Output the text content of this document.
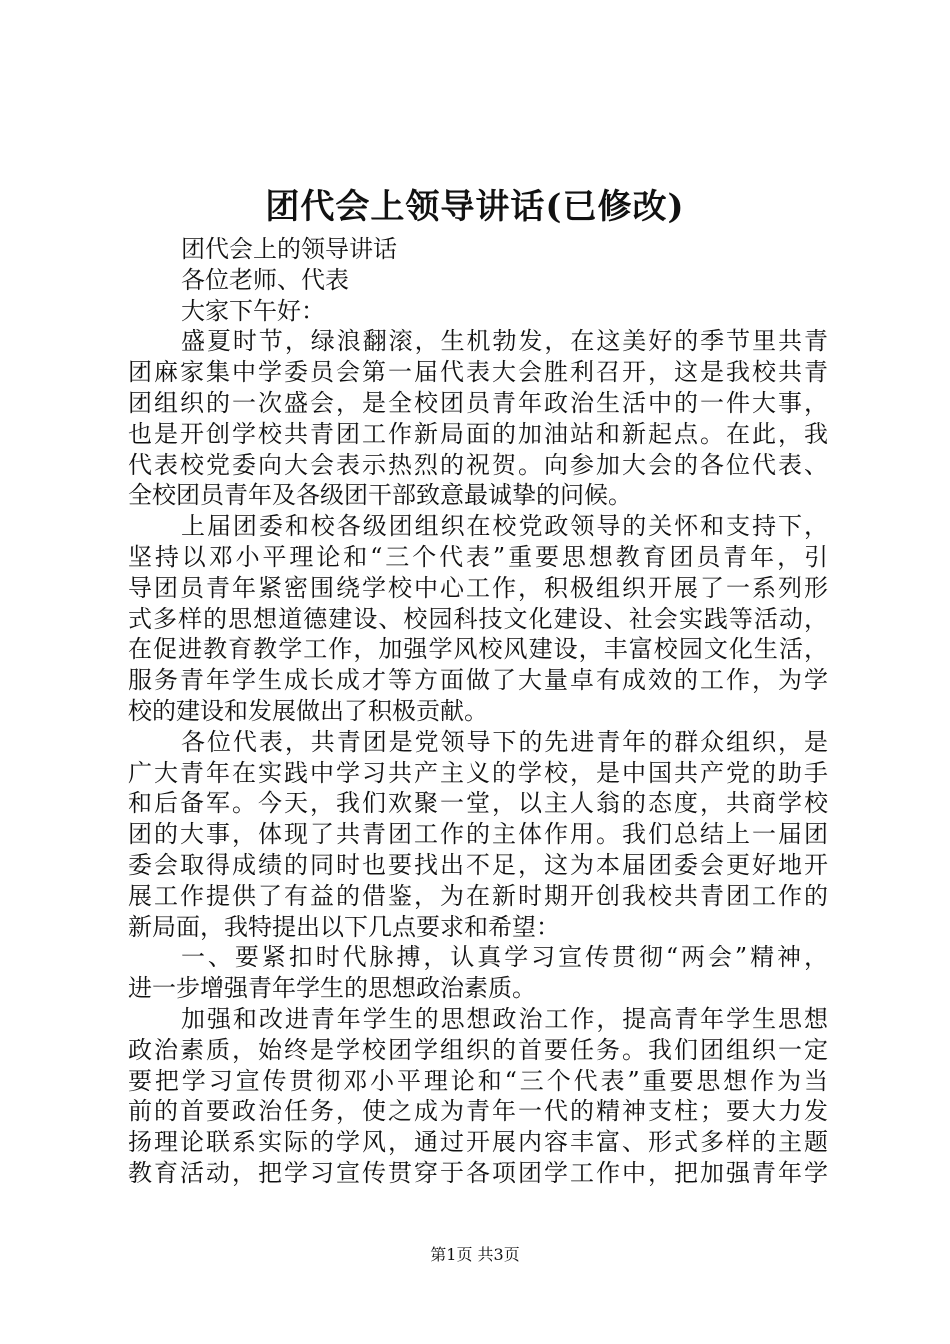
团代会上领导讲话(已修改)
团代会上的领导讲话
各位老师、代表
大家下午好：
盛夏时节，绿浪翻滚，生机勃发，在这美好的季节里共青
团麻家集中学委员会第一届代表大会胜利召开，这是我校共青
团组织的一次盛会，是全校团员青年政治生活中的一件大事，
也是开创学校共青团工作新局面的加油站和新起点。在此，我
代表校党委向大会表示热烈的祝贺。向参加大会的各位代表、
全校团员青年及各级团干部致意最诚挚的问候。
上届团委和校各级团组织在校党政领导的关怀和支持下，
坚持以邓小平理论和“三个代表”重要思想教育团员青年，引
导团员青年紧密围绕学校中心工作，积极组织开展了一系列形
式多样的思想道德建设、校园科技文化建设、社会实践等活动，
在促进教育教学工作，加强学风校风建设，丰富校园文化生活，
服务青年学生成长成才等方面做了大量卓有成效的工作，为学
校的建设和发展做出了积极贡献。
各位代表，共青团是党领导下的先进青年的群众组织，是
广大青年在实践中学习共产主义的学校，是中国共产党的助手
和后备军。今天，我们欢聚一堂，以主人翁的态度，共商学校
团的大事，体现了共青团工作的主体作用。我们总结上一届团
委会取得成绩的同时也要找出不足，这为本届团委会更好地开
展工作提供了有益的借鉴，为在新时期开创我校共青团工作的
新局面，我特提出以下几点要求和希望：
一、要紧扣时代脉搏，认真学习宣传贯彻“两会”精神，
进一步增强青年学生的思想政治素质。
加强和改进青年学生的思想政治工作，提高青年学生思想
政治素质，始终是学校团学组织的首要任务。我们团组织一定
要把学习宣传贯彻邓小平理论和“三个代表”重要思想作为当
前的首要政治任务，使之成为青年一代的精神支柱；要大力发
扬理论联系实际的学风，通过开展内容丰富、形式多样的主题
教育活动，把学习宣传贯穿于各项团学工作中，把加强青年学
第1页 共3页
